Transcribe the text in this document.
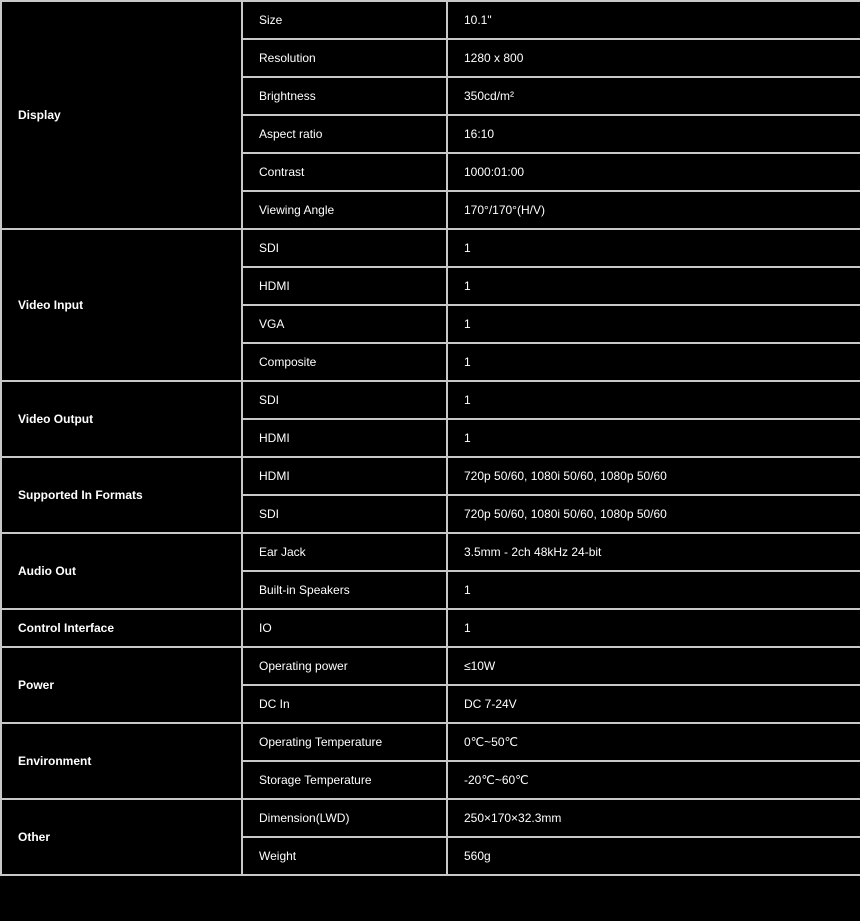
Display	Size	10.1"
	Resolution	1280 x 800
	Brightness	350cd/m²
	Aspect ratio	16:10
	Contrast	1000:01:00
	Viewing Angle	170°/170°(H/V)
Video Input	SDI	1
	HDMI	1
	VGA	1
	Composite	1
Video Output	SDI	1
	HDMI	1
Supported In Formats	HDMI	720p 50/60, 1080i 50/60, 1080p 50/60
	SDI	720p 50/60, 1080i 50/60, 1080p 50/60
Audio Out	Ear Jack	3.5mm - 2ch 48kHz 24-bit
	Built-in Speakers	1
Control Interface	IO	1
Power	Operating power	≤10W
	DC In	DC 7-24V
Environment	Operating Temperature	0℃~50℃
	Storage Temperature	-20℃~60℃
Other	Dimension(LWD)	250×170×32.3mm
	Weight	560g
